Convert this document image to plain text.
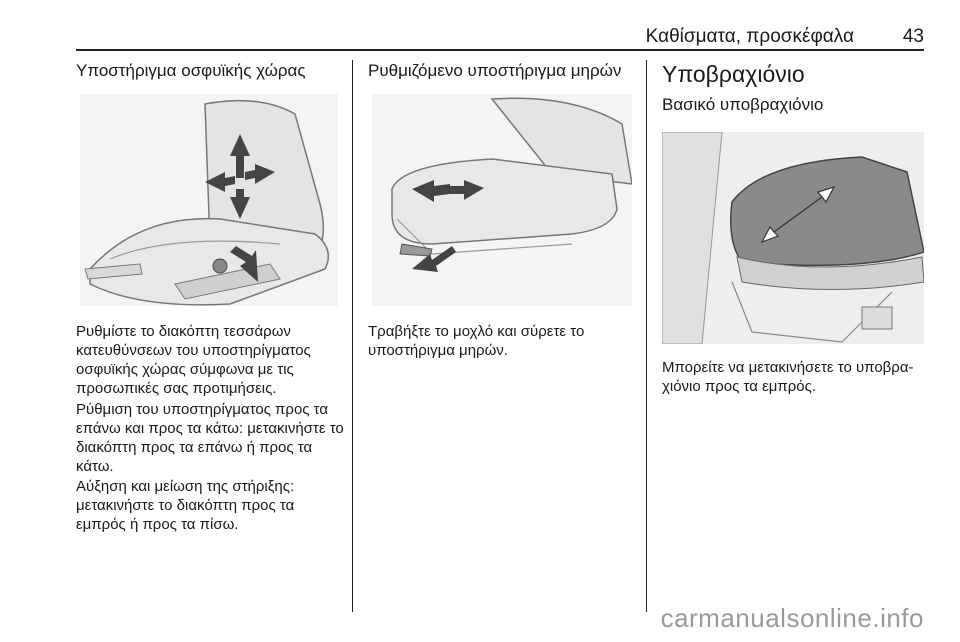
Καθίσματα, προσκέφαλα	43
Υποστήριγμα οσφυϊκής χώρας

Ρυθμίστε το διακόπτη τεσσάρων κατευθύνσεων του υποστηρίγματος οσφυϊκής χώρας σύμφωνα με τις προσωπικές σας προτιμήσεις.

Ρύθμιση του υποστηρίγματος προς τα επάνω και προς τα κάτω: μετακινήστε το διακόπτη προς τα επάνω ή προς τα κάτω.

Αύξηση και μείωση της στήριξης: μετακινήστε το διακόπτη προς τα εμπρός ή προς τα πίσω.

Ρυθμιζόμενο υποστήριγμα μηρών

Τραβήξτε το μοχλό και σύρετε το υποστήριγμα μηρών.

Υποβραχιόνιο
Βασικό υποβραχιόνιο

Μπορείτε να μετακινήσετε το υποβρα-χιόνιο προς τα εμπρός.

carmanualsonline.info
